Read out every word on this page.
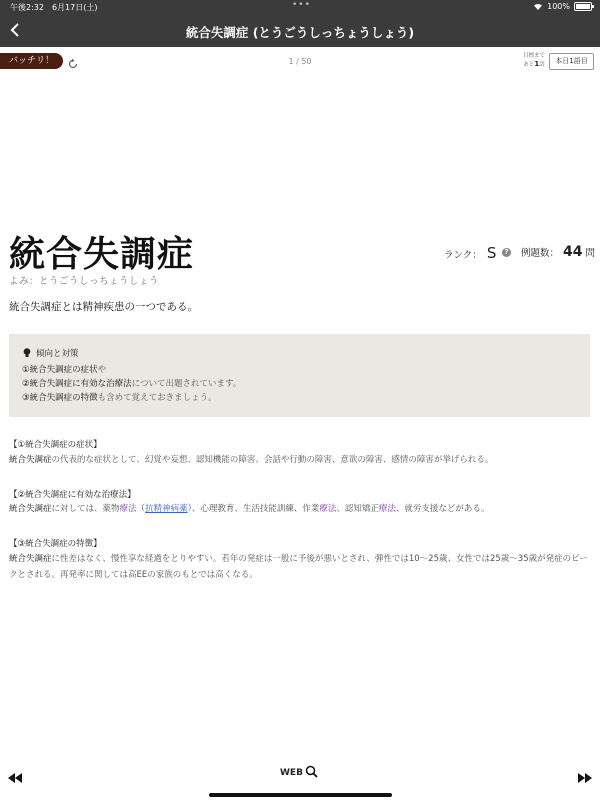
午後2:32　6月17日(土)	•••	100%
統合失調症 (とうごうしっちょうしょう)
バッチリ！	1 / 50
目標まで
あと1語	本日1語目
統合失調症
よみ：とうごうしっちょうしょう
ランク： S	? 例題数： 44 問
統合失調症とは精神疾患の一つである。
傾向と対策
①統合失調症の症状や
②統合失調症に有効な治療法について出題されています。
③統合失調症の特徴も含めて覚えておきましょう。
【①統合失調症の症状】
統合失調症の代表的な症状として、幻覚や妄想、認知機能の障害、会話や行動の障害、意欲の障害、感情の障害が挙げられる。
【②統合失調症に有効な治療法】
統合失調症に対しては、薬物療法（抗精神病薬）、心理教育、生活技能訓練、作業療法、認知矯正療法、就労支援などがある。
【③統合失調症の特徴】
統合失調症に性差はなく、慢性享な経過をとりやすい。若年の発症は一般に予後が悪いとされ、弾性では10～25歳、女性では25歳～35歳が発症のピークとされる。再発率に関しては高EEの家族のもとでは高くなる。
WEB
